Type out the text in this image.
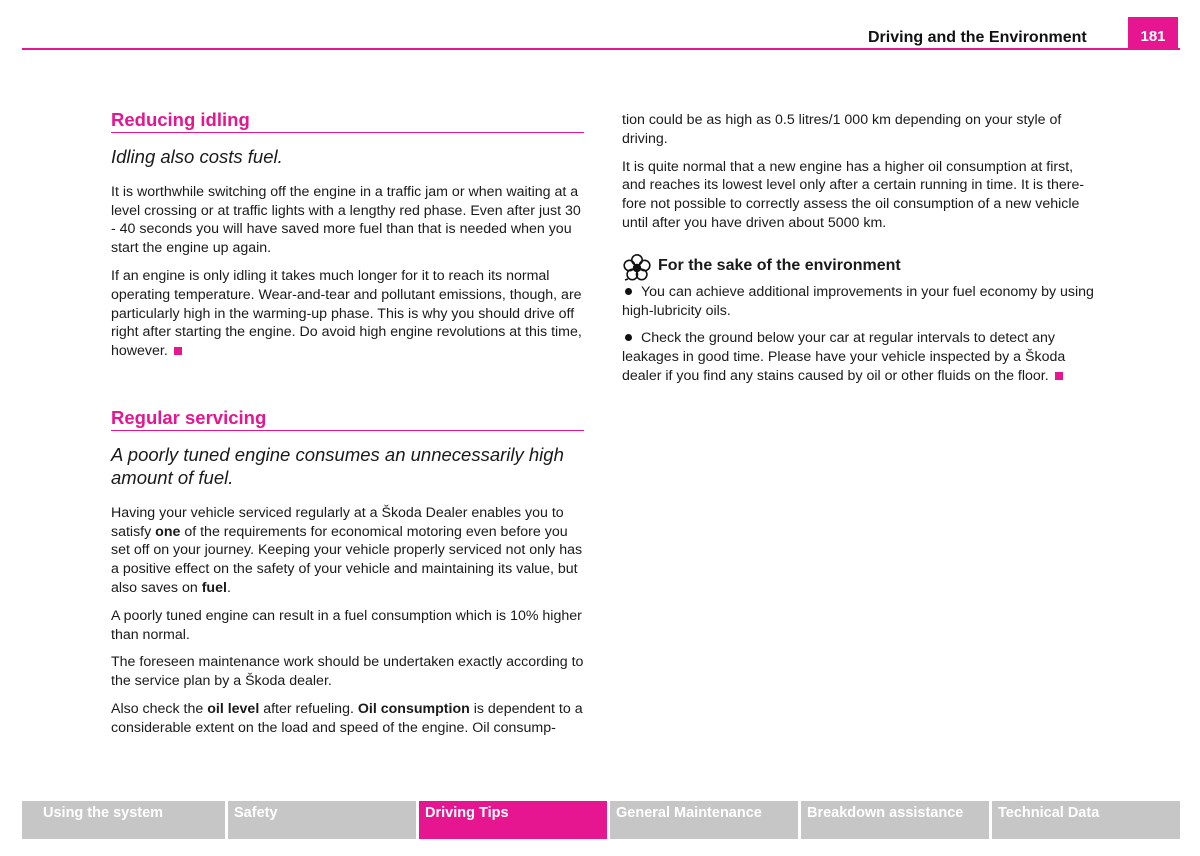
Driving and the Environment	181
Reducing idling

Idling also costs fuel.

It is worthwhile switching off the engine in a traffic jam or when waiting at a level crossing or at traffic lights with a lengthy red phase. Even after just 30 - 40 seconds you will have saved more fuel than that is needed when you start the engine up again.

If an engine is only idling it takes much longer for it to reach its normal operating temperature. Wear-and-tear and pollutant emissions, though, are particularly high in the warming-up phase. This is why you should drive off right after starting the engine. Do avoid high engine revolutions at this time, however.

Regular servicing

A poorly tuned engine consumes an unnecessarily high amount of fuel.

Having your vehicle serviced regularly at a Škoda Dealer enables you to satisfy one of the requirements for economical motoring even before you set off on your journey. Keeping your vehicle properly serviced not only has a positive effect on the safety of your vehicle and maintaining its value, but also saves on fuel.

A poorly tuned engine can result in a fuel consumption which is 10% higher than normal.

The foreseen maintenance work should be undertaken exactly according to the service plan by a Škoda dealer.

Also check the oil level after refueling. Oil consumption is dependent to a considerable extent on the load and speed of the engine. Oil consump-

tion could be as high as 0.5 litres/1 000 km depending on your style of driving.

It is quite normal that a new engine has a higher oil consumption at first, and reaches its lowest level only after a certain running in time. It is there-fore not possible to correctly assess the oil consumption of a new vehicle until after you have driven about 5000 km.

For the sake of the environment

You can achieve additional improvements in your fuel economy by using high-lubricity oils.

Check the ground below your car at regular intervals to detect any leakages in good time. Please have your vehicle inspected by a Škoda dealer if you find any stains caused by oil or other fluids on the floor.

Using the system	Safety	Driving Tips	General Maintenance	Breakdown assistance	Technical Data
